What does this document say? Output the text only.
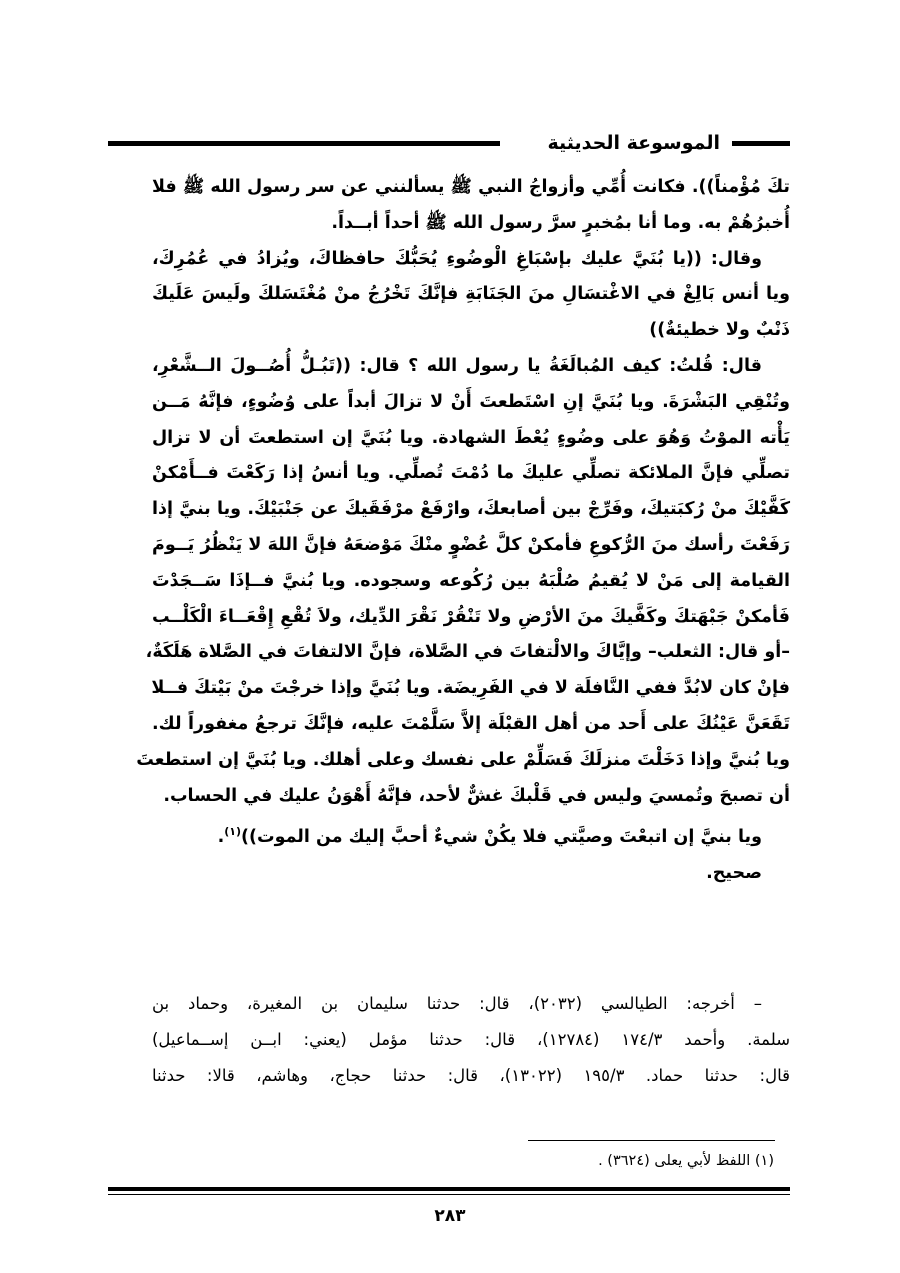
الموسوعة الحديثية
تكَ مُؤْمناً)). فكانت أُمِّي وأزواجُ النبي ﷺ يسألنني عن سر رسول الله ﷺ فلا
أُخبرُهُمْ به. وما أنا بمُخبرٍ سرَّ رسول الله ﷺ أحداً أبــداً.
وقال: ((يا بُنَيَّ عليك بإسْبَاغِ الْوضُوءِ يُحَبُّكَ حافظاكَ، ويُزادُ في عُمُرِكَ،
ويا أنس بَالِغْ في الاغْتسَالِ منَ الجَنَابَةِ فإنَّكَ تَخْرُجُ منْ مُغْتَسَلكَ ولَيسَ عَلَيكَ
ذَنْبٌ ولا خطيئةٌ))
قال: قُلتُ: كيف المُبالَغَةُ يا رسول الله ؟ قال: ((تَبُـلُّ أُصُــولَ الــشَّعْرِ،
وتُنْقِي البَشْرَةَ. ويا بُنَيَّ إنِ اسْتَطعتَ أَنْ لا تزالَ أبداً على وُضُوءٍ، فإنَّهُ مَــن
يَأْته الموْتُ وَهُوَ على وضُوءٍ يُعْطَ الشهادة. ويا بُنَيَّ إن استطعتَ أن لا تزال
تصلِّي فإنَّ الملائكة تصلِّي عليكَ ما دُمْتَ تُصلِّي. ويا أنسُ إذا رَكَعْتَ فــأَمْكنْ
كَفَّيْكَ منْ رُكبَتيكَ، وفَرِّجْ بين أصابعكَ، وارْفَعْ مرْفَقَيكَ عن جَنْبَيْكَ. ويا بنيَّ إذا
رَفَعْتَ رأسك منَ الرُّكوعِ فأمكنْ كلَّ عُضْوٍ منْكَ مَوْضعَهُ فإنَّ اللهَ لا يَنْظُرُ يَــومَ
القيامة إلى مَنْ لا يُقيمُ صُلْبَهُ بين رُكُوعه وسجوده. ويا بُنيَّ فــإذَا سَــجَدْتَ
فَأمكنْ جَبْهَتكَ وكَفَّيكَ منَ الأرْضِ ولا تَنْقُرْ نَقْرَ الدِّيك، ولاَ تُقْعِ إِقْعَــاءَ الْكَلْــب
–أو قال: الثعلب– وإيَّاكَ والالْتفاتَ في الصَّلاة، فإنَّ الالتفاتَ في الصَّلاة هَلَكَةٌ،
فإنْ كان لابُدَّ ففي النَّافلَة لا في الفَرِيضَة. ويا بُنَيَّ وإذا خرجْتَ منْ بَيْتكَ فــلا
تَقَعَنَّ عَيْنُكَ على أَحد من أهل القبْلَة إلاَّ سَلَّمْتَ عليه، فإنَّكَ ترجعُ مغفوراً لك.
ويا بُنيَّ وإذا دَخَلْتَ منزلَكَ فَسَلِّمْ على نفسك وعلى أهلك. ويا بُنَيَّ إن استطعتَ
أن تصبحَ وتُمسيَ وليس في قَلْبكَ غشٌّ لأحد، فإنَّهُ أَهْوَنُ عليك في الحساب.
ويا بنيَّ إن اتبعْتَ وصيَّتي فلا يكُنْ شيءٌ أحبَّ إليك من الموت))$^{(١)}$.
صحيح.
– أخرجه: الطيالسي (٢٠٣٢)، قال: حدثنا سليمان بن المغيرة، وحماد بن
سلمة. وأحمد ١٧٤/٣ (١٢٧٨٤)، قال: حدثنا مؤمل (يعني: ابــن إســماعيل)
قال: حدثنا حماد. ١٩٥/٣ (١٣٠٢٢)، قال: حدثنا حجاج، وهاشم، قالا: حدثنا
(١) اللفظ لأبي يعلى (٣٦٢٤) .
٢٨٣
